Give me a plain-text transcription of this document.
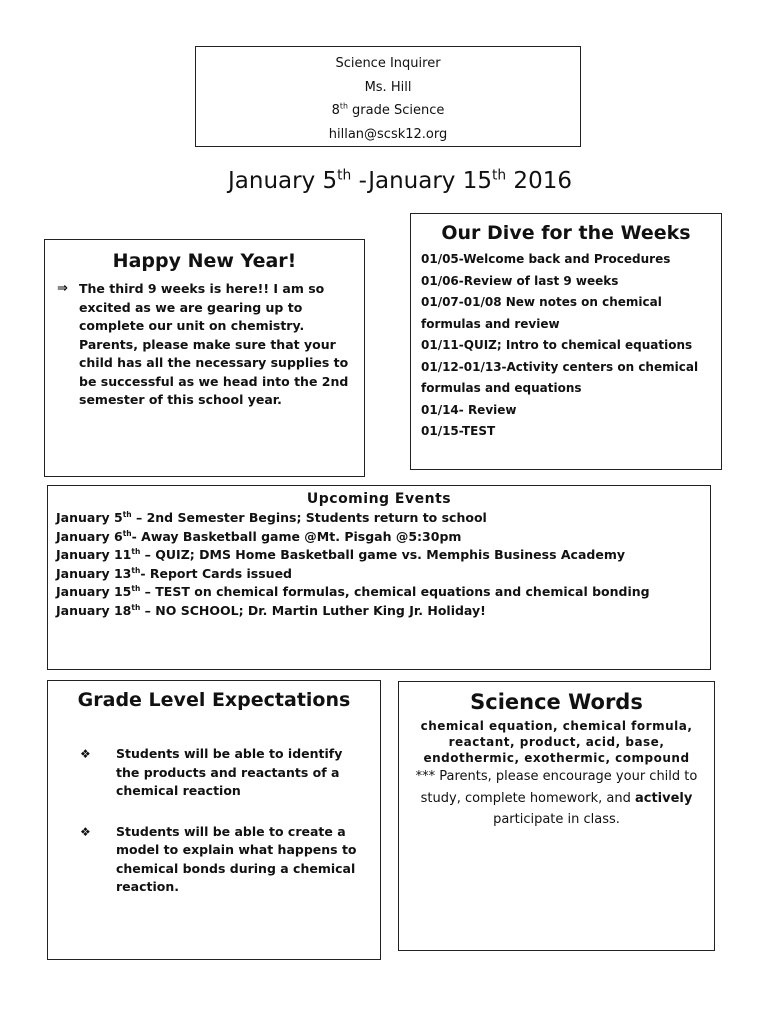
Science Inquirer
Ms. Hill
8th grade Science
hillan@scsk12.org
January 5th -January 15th 2016
Happy New Year!
⇒ The third 9 weeks is here!! I am so excited as we are gearing up to complete our unit on chemistry. Parents, please make sure that your child has all the necessary supplies to be successful as we head into the 2nd semester of this school year.
Our Dive for the Weeks
01/05-Welcome back and Procedures
01/06-Review of last 9 weeks
01/07-01/08 New notes on chemical formulas and review
01/11-QUIZ; Intro to chemical equations
01/12-01/13-Activity centers on chemical formulas and equations
01/14- Review
01/15-TEST
Upcoming Events
January 5th – 2nd Semester Begins; Students return to school
January 6th- Away Basketball game @Mt. Pisgah @5:30pm
January 11th – QUIZ; DMS Home Basketball game vs. Memphis Business Academy
January 13th- Report Cards issued
January 15th – TEST on chemical formulas, chemical equations and chemical bonding
January 18th – NO SCHOOL; Dr. Martin Luther King Jr. Holiday!
Grade Level Expectations
❖	Students will be able to identify the products and reactants of a chemical reaction
❖	Students will be able to create a model to explain what happens to chemical bonds during a chemical reaction.
Science Words
chemical equation, chemical formula, reactant, product, acid, base, endothermic, exothermic, compound

*** Parents, please encourage your child to study, complete homework, and actively participate in class.
